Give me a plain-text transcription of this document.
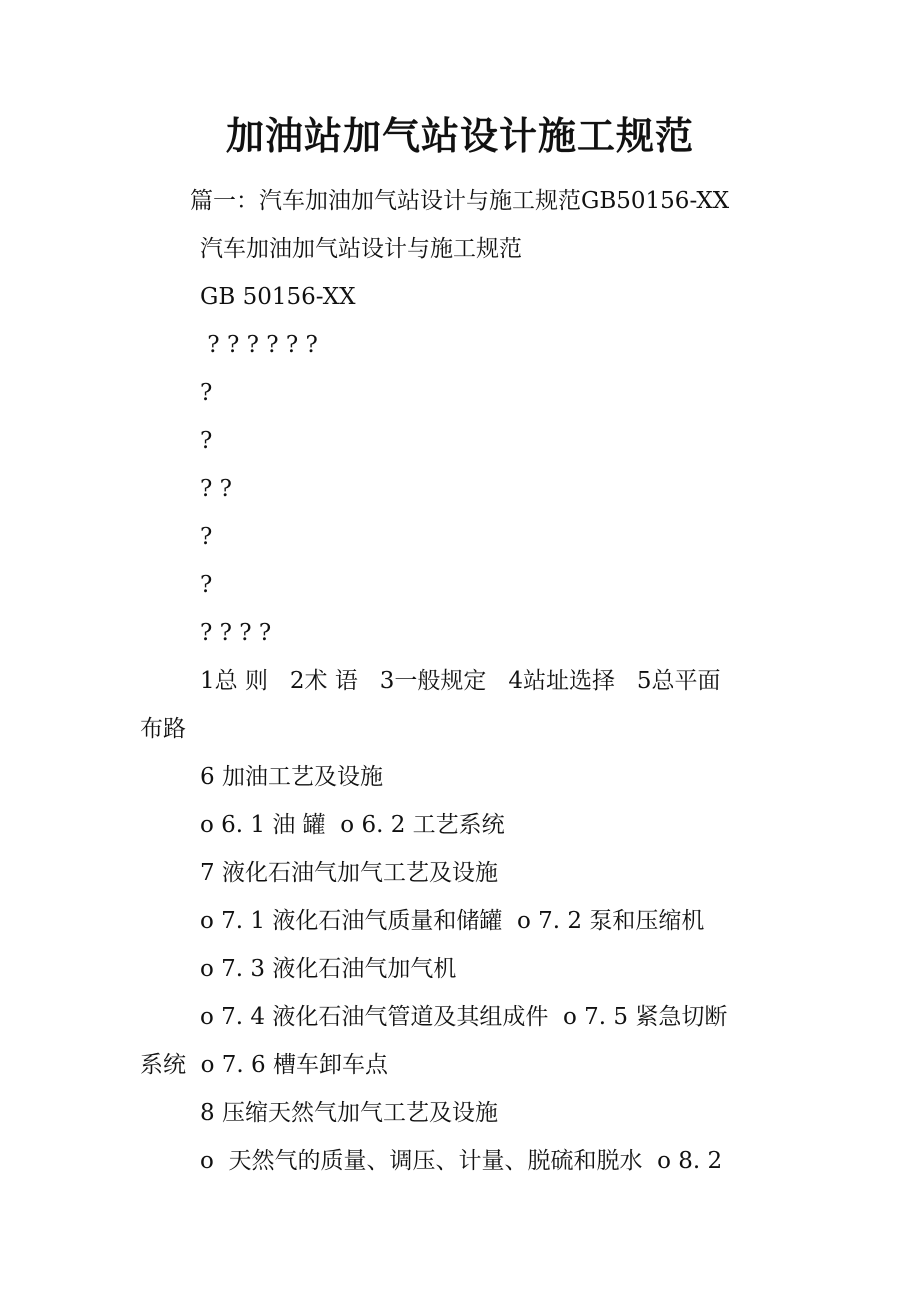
加油站加气站设计施工规范
篇一：汽车加油加气站设计与施工规范GB50156-XX
汽车加油加气站设计与施工规范
GB 50156-XX
? ? ? ? ? ?
?
?
? ?
?
?
? ? ? ?
1总 则   2术 语   3一般规定   4站址选择   5总平面
布路
6 加油工艺及设施
o 6. 1 油 罐  o 6. 2 工艺系统
7 液化石油气加气工艺及设施
o 7. 1 液化石油气质量和储罐  o 7. 2 泵和压缩机
o 7. 3 液化石油气加气机
o 7. 4 液化石油气管道及其组成件  o 7. 5 紧急切断
系统  o 7. 6 槽车卸车点
8 压缩天然气加气工艺及设施
o  天然气的质量、调压、计量、脱硫和脱水  o 8. 2
